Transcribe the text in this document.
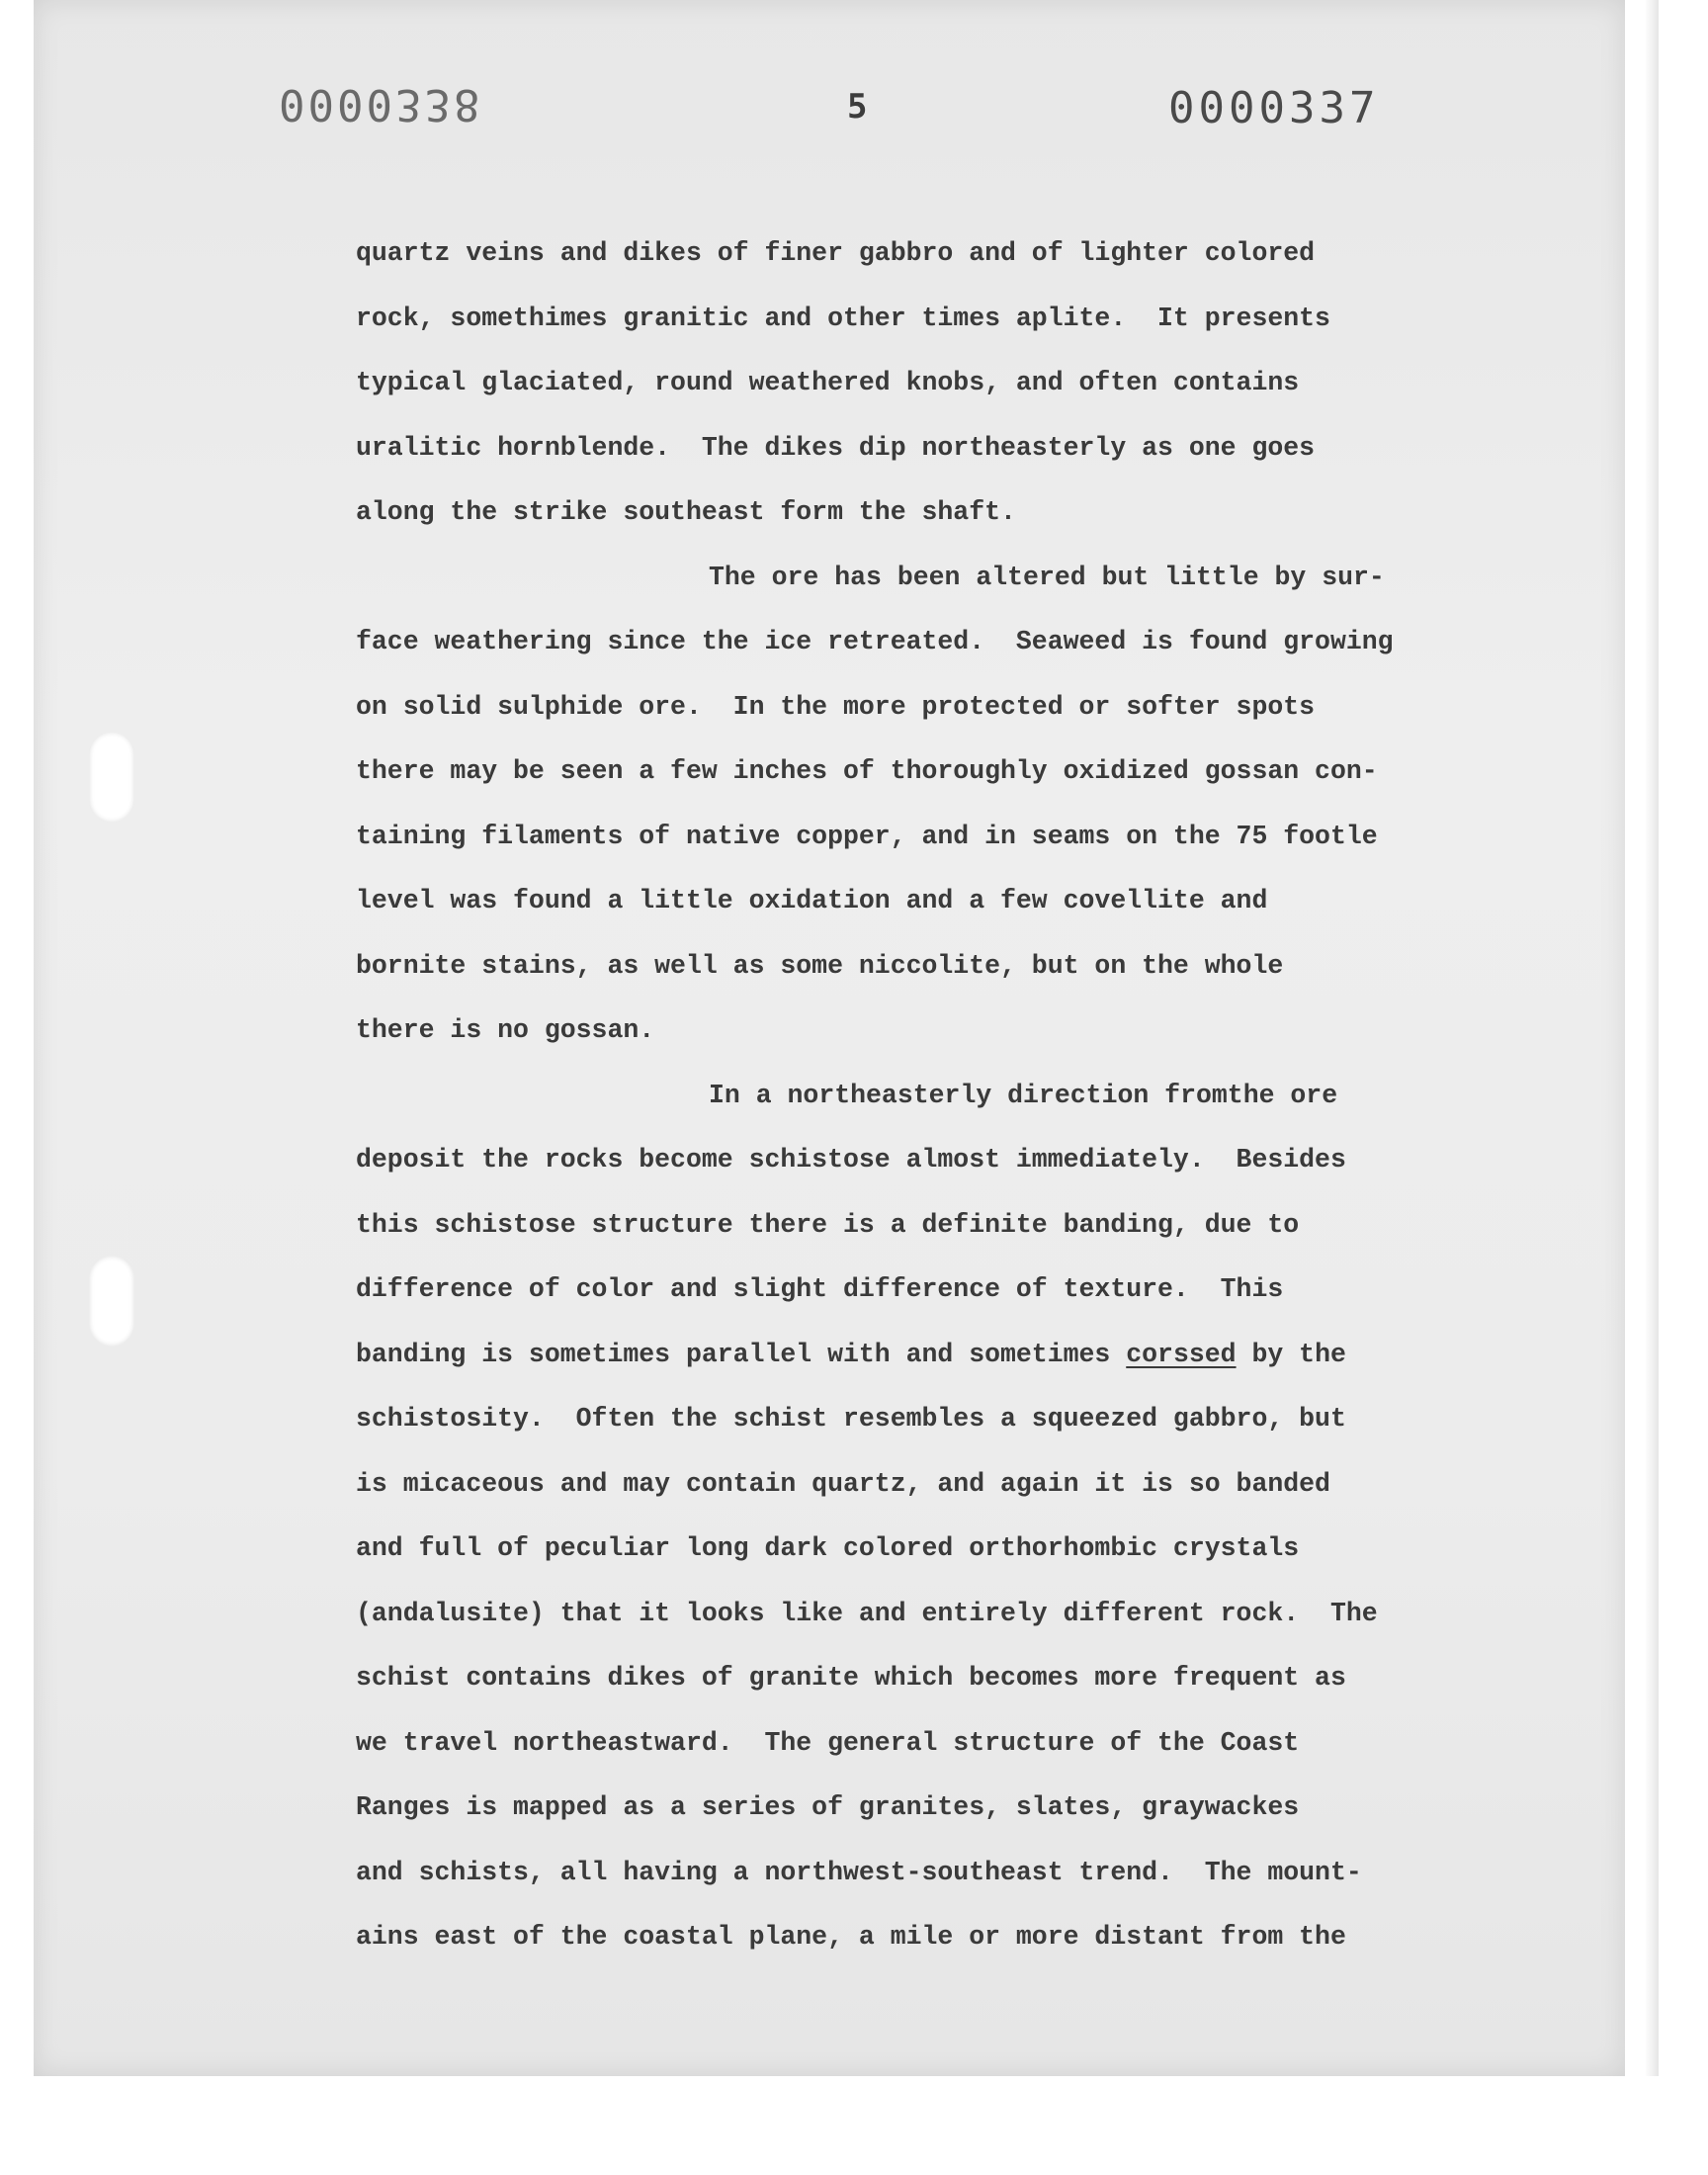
0000338	5	0000337
quartz veins and dikes of finer gabbro and of lighter colored
rock, somethimes granitic and other times aplite.  It presents
typical glaciated, round weathered knobs, and often contains
uralitic hornblende.  The dikes dip northeasterly as one goes
along the strike southeast form the shaft.
The ore has been altered but little by sur-
face weathering since the ice retreated.  Seaweed is found growing
on solid sulphide ore.  In the more protected or softer spots
there may be seen a few inches of thoroughly oxidized gossan con-
taining filaments of native copper, and in seams on the 75 footle
level was found a little oxidation and a few covellite and
bornite stains, as well as some niccolite, but on the whole
there is no gossan.
In a northeasterly direction fromthe ore
deposit the rocks become schistose almost immediately.  Besides
this schistose structure there is a definite banding, due to
difference of color and slight difference of texture.  This
banding is sometimes parallel with and sometimes corssed by the
schistosity.  Often the schist resembles a squeezed gabbro, but
is micaceous and may contain quartz, and again it is so banded
and full of peculiar long dark colored orthorhombic crystals
(andalusite) that it looks like and entirely different rock.  The
schist contains dikes of granite which becomes more frequent as
we travel northeastward.  The general structure of the Coast
Ranges is mapped as a series of granites, slates, graywackes
and schists, all having a northwest-southeast trend.  The mount-
ains east of the coastal plane, a mile or more distant from the
